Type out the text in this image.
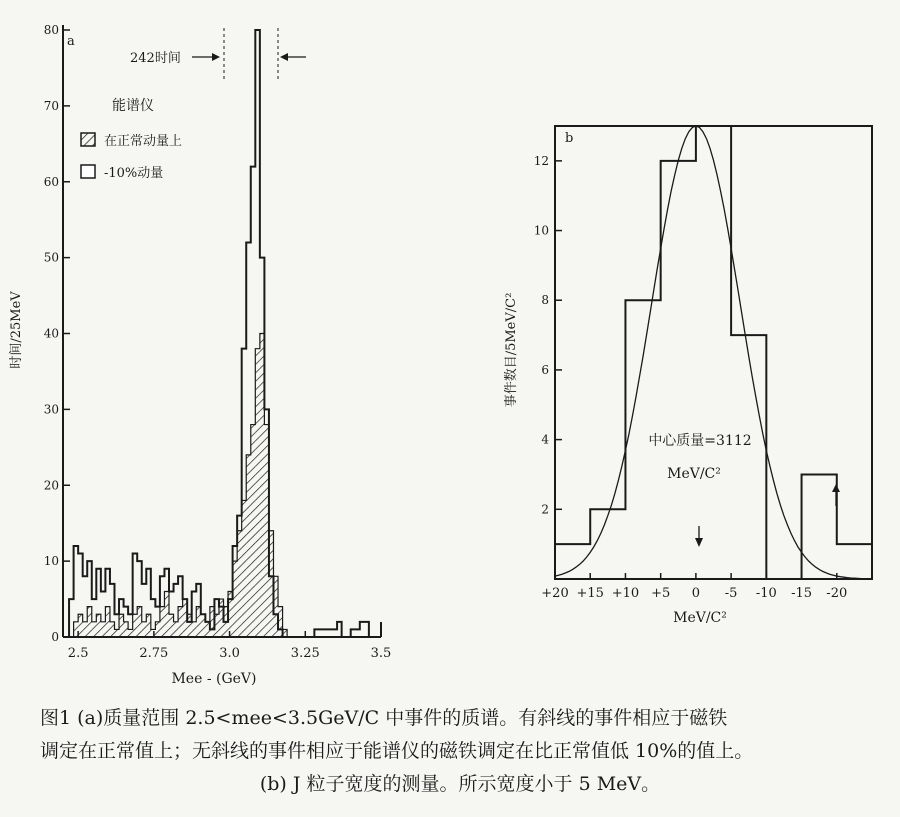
a
0
10
20
30
40
50
60
70
80
2.5	2.75	3.0	3.25	3.5
时间/25MeV
Mee - (GeV)
242时间
能谱仪
在正常动量上
-10%动量
b
2
4
6
8
10
12
+20 +15 +10 +5 0 -5 -10 -15 -20
事件数目/5MeV/C²
MeV/C²
中心质量=3112
MeV/C²
图1 (a)质量范围 2.5<mee<3.5GeV/C 中事件的质谱。有斜线的事件相应于磁铁
调定在正常值上；无斜线的事件相应于能谱仪的磁铁调定在比正常值低 10%的值上。
(b) J 粒子宽度的测量。所示宽度小于 5 MeV。
